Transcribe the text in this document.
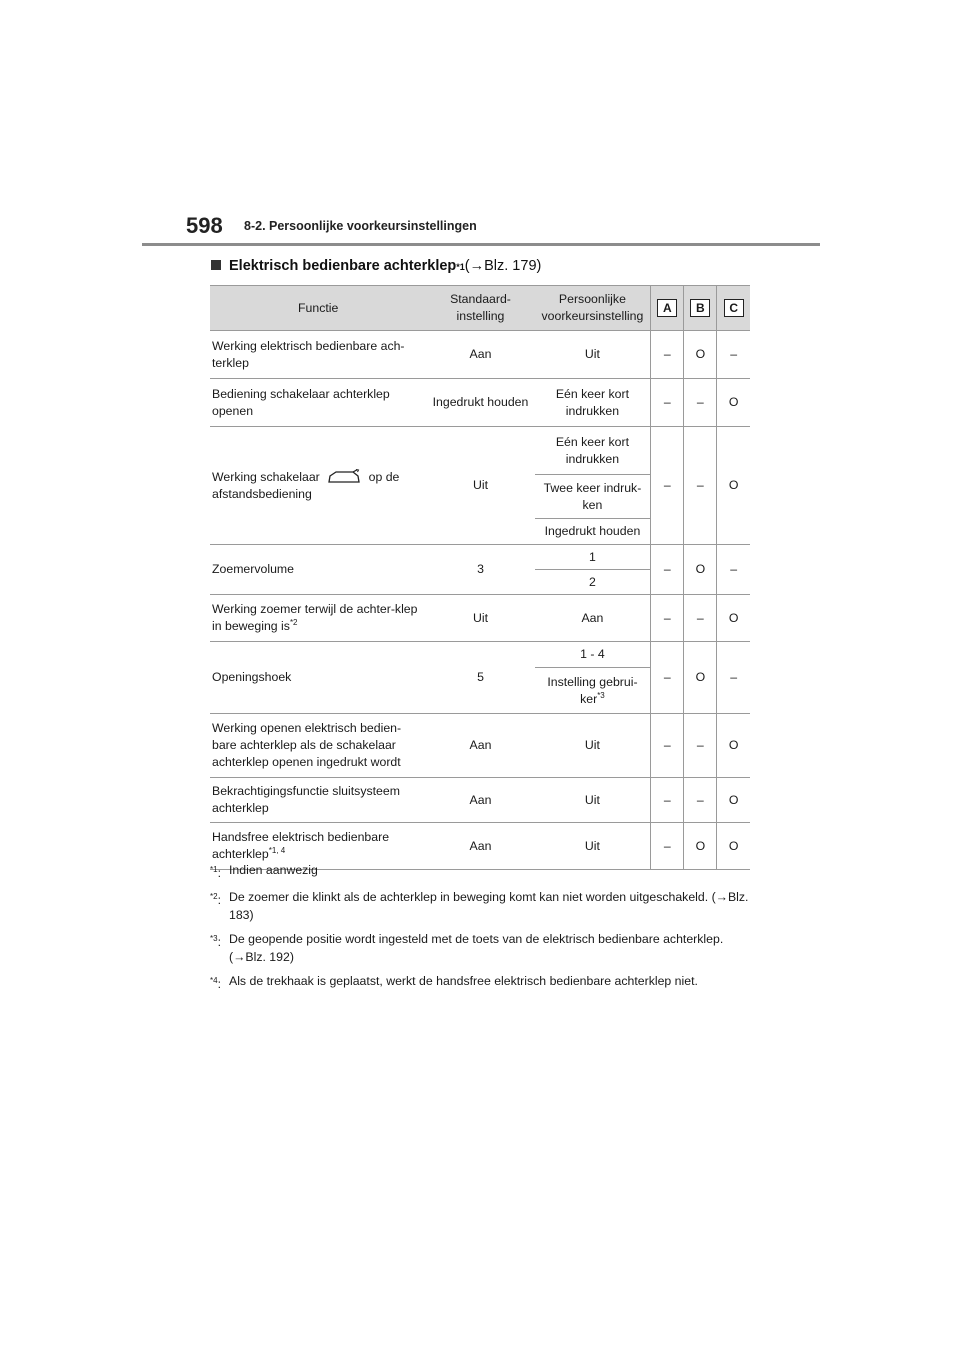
598 8-2. Persoonlijke voorkeursinstellingen
Elektrisch bedienbare achterklep *1 (→Blz. 179)
Functie	Standaard-instelling	Persoonlijke voorkeursinstelling	A	B	C
Werking elektrisch bedienbare ach-terklep	Aan	Uit	–	O	–
Bediening schakelaar achterklep openen	Ingedrukt houden	Eén keer kort indrukken	–	–	O
Werking schakelaar op de afstandsbediening	Uit	Eén keer kort indrukken	–	–	O
		Twee keer indruk-ken			
		Ingedrukt houden			
Zoemervolume	3	1	–	O	–
		2			
Werking zoemer terwijl de achter-klep in beweging $is^{*2}$	Uit	Aan	–	–	O
Openingshoek	5	1 - 4	–	O	–
		Instelling gebrui-ker$^{*3}$
Werking openen elektrisch bedien-bare achterklep als de schakelaar achterklep openen ingedrukt wordt	Aan	Uit	–	–	O
Bekrachtigingsfunctie sluitsysteem achterklep	Aan	Uit	–	–	O
Handsfree elektrisch bedienbare achterklep$^{*1, 4}$	Aan	Uit	–	O	O
$^{*1}$: Indien aanwezig
$^{*2}$: De zoemer die klinkt als de achterklep in beweging komt kan niet worden uitgeschakeld. (→Blz. 183)
$^{*3}$: De geopende positie wordt ingesteld met de toets van de elektrisch bedienbare achterklep. (→Blz. 192)
$^{*4}$: Als de trekhaak is geplaatst, werkt de handsfree elektrisch bedienbare achterklep niet.
